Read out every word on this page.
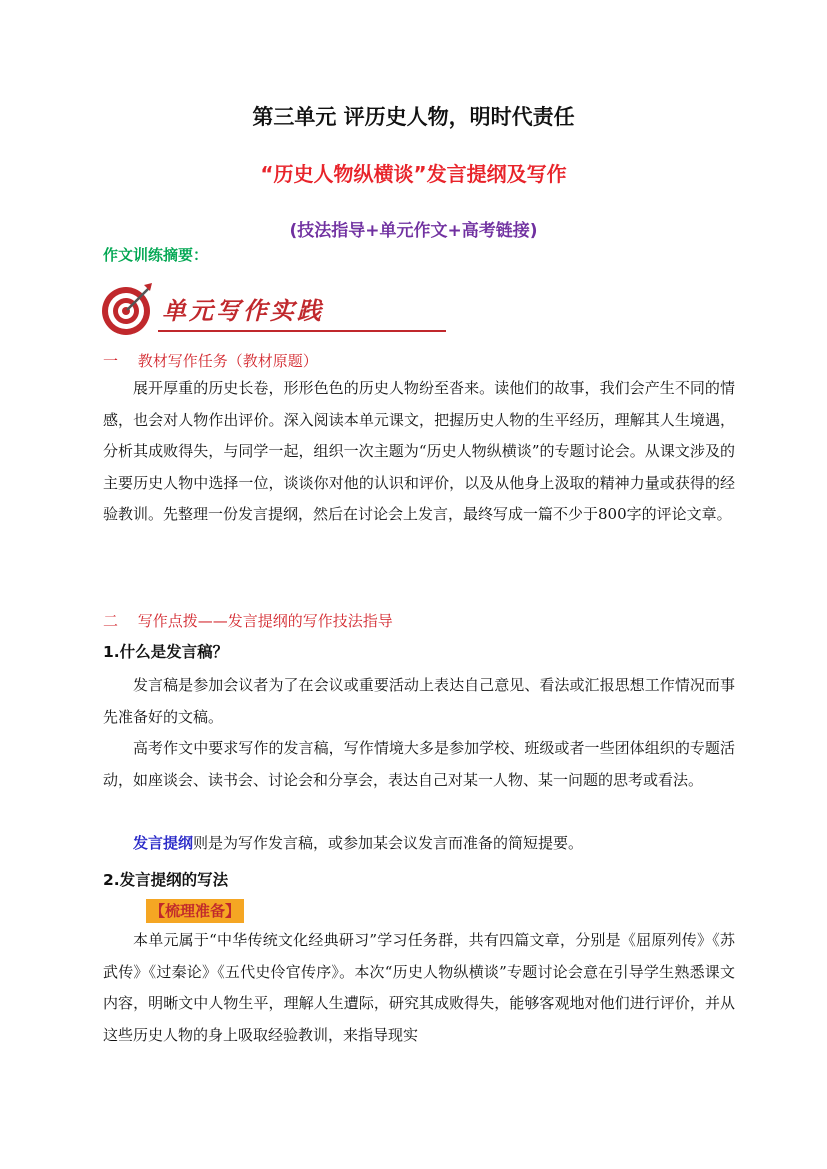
第三单元 评历史人物，明时代责任
“历史人物纵横谈”发言提纲及写作
(技法指导+单元作文+高考链接)
作文训练摘要：
单元写作实践
一 教材写作任务（教材原题）

展开厚重的历史长卷，形形色色的历史人物纷至沓来。读他们的故事，我们会产生不同的情感，也会对人物作出评价。深入阅读本单元课文，把握历史人物的生平经历，理解其人生境遇，分析其成败得失，与同学一起，组织一次主题为“历史人物纵横谈”的专题讨论会。从课文涉及的主要历史人物中选择一位，谈谈你对他的认识和评价，以及从他身上汲取的精神力量或获得的经验教训。先整理一份发言提纲，然后在讨论会上发言，最终写成一篇不少于800字的评论文章。

二 写作点拨——发言提纲的写作技法指导
1.什么是发言稿？

发言稿是参加会议者为了在会议或重要活动上表达自己意见、看法或汇报思想工作情况而事先准备好的文稿。

高考作文中要求写作的发言稿，写作情境大多是参加学校、班级或者一些团体组织的专题活动，如座谈会、读书会、讨论会和分享会，表达自己对某一人物、某一问题的思考或看法。

发言提纲则是为写作发言稿，或参加某会议发言而准备的简短提要。

2.发言提纲的写法
【梳理准备】

本单元属于“中华传统文化经典研习”学习任务群，共有四篇文章，分别是《屈原列传》《苏武传》《过秦论》《五代史伶官传序》。本次“历史人物纵横谈”专题讨论会意在引导学生熟悉课文内容，明晰文中人物生平，理解人生遭际，研究其成败得失，能够客观地对他们进行评价，并从这些历史人物的身上吸取经验教训，来指导现实
